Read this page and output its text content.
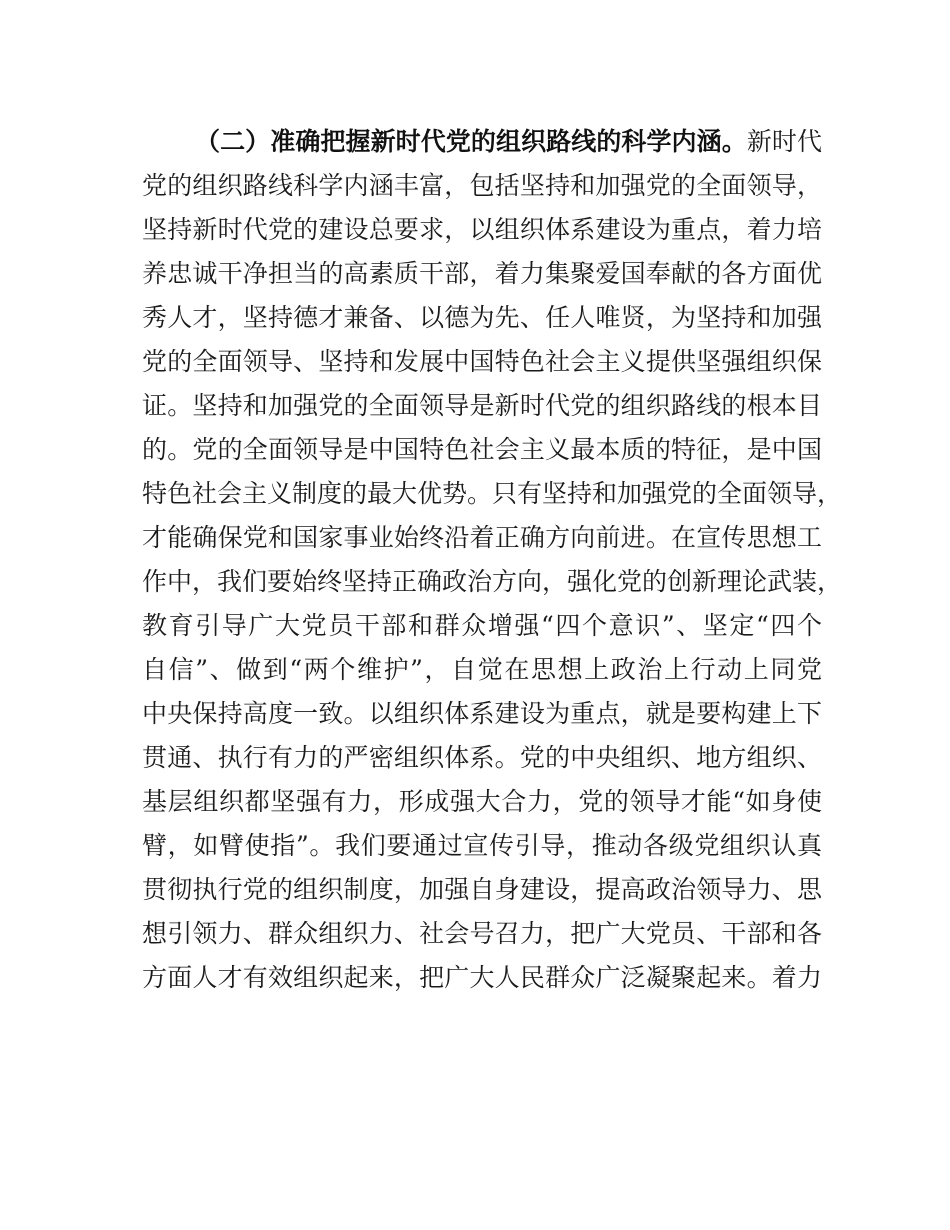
（二）准确把握新时代党的组织路线的科学内涵。新时代
党的组织路线科学内涵丰富，包括坚持和加强党的全面领导，
坚持新时代党的建设总要求，以组织体系建设为重点，着力培
养忠诚干净担当的高素质干部，着力集聚爱国奉献的各方面优
秀人才，坚持德才兼备、以德为先、任人唯贤，为坚持和加强
党的全面领导、坚持和发展中国特色社会主义提供坚强组织保
证。坚持和加强党的全面领导是新时代党的组织路线的根本目
的。党的全面领导是中国特色社会主义最本质的特征，是中国
特色社会主义制度的最大优势。只有坚持和加强党的全面领导，
才能确保党和国家事业始终沿着正确方向前进。在宣传思想工
作中，我们要始终坚持正确政治方向，强化党的创新理论武装，
教育引导广大党员干部和群众增强“四个意识”、坚定“四个
自信”、做到“两个维护”，自觉在思想上政治上行动上同党
中央保持高度一致。以组织体系建设为重点，就是要构建上下
贯通、执行有力的严密组织体系。党的中央组织、地方组织、
基层组织都坚强有力，形成强大合力，党的领导才能“如身使
臂，如臂使指”。我们要通过宣传引导，推动各级党组织认真
贯彻执行党的组织制度，加强自身建设，提高政治领导力、思
想引领力、群众组织力、社会号召力，把广大党员、干部和各
方面人才有效组织起来，把广大人民群众广泛凝聚起来。着力
